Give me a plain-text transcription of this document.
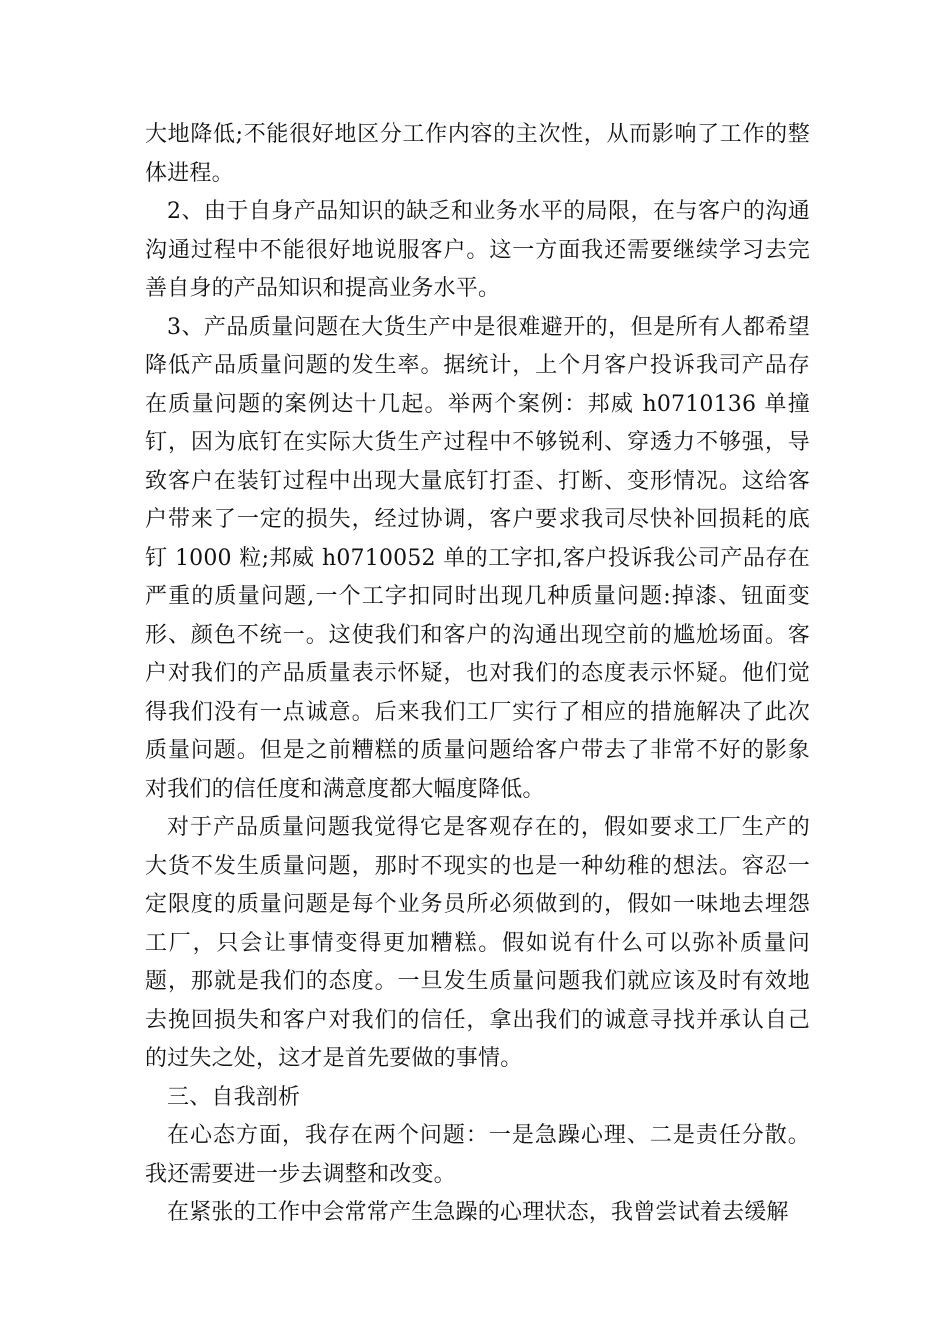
大地降低;不能很好地区分工作内容的主次性，从而影响了工作的整体进程。

2、由于自身产品知识的缺乏和业务水平的局限，在与客户的沟通沟通过程中不能很好地说服客户。这一方面我还需要继续学习去完善自身的产品知识和提高业务水平。

3、产品质量问题在大货生产中是很难避开的，但是所有人都希望降低产品质量问题的发生率。据统计，上个月客户投诉我司产品存在质量问题的案例达十几起。举两个案例：邦威 h0710136 单撞钉，因为底钉在实际大货生产过程中不够锐利、穿透力不够强，导致客户在装钉过程中出现大量底钉打歪、打断、变形情况。这给客户带来了一定的损失，经过协调，客户要求我司尽快补回损耗的底钉 1000 粒;邦威 h0710052 单的工字扣,客户投诉我公司产品存在严重的质量问题,一个工字扣同时出现几种质量问题:掉漆、钮面变形、颜色不统一。这使我们和客户的沟通出现空前的尴尬场面。客户对我们的产品质量表示怀疑，也对我们的态度表示怀疑。他们觉得我们没有一点诚意。后来我们工厂实行了相应的措施解决了此次质量问题。但是之前糟糕的质量问题给客户带去了非常不好的影象对我们的信任度和满意度都大幅度降低。

对于产品质量问题我觉得它是客观存在的，假如要求工厂生产的大货不发生质量问题，那时不现实的也是一种幼稚的想法。容忍一定限度的质量问题是每个业务员所必须做到的，假如一味地去埋怨工厂，只会让事情变得更加糟糕。假如说有什么可以弥补质量问题，那就是我们的态度。一旦发生质量问题我们就应该及时有效地去挽回损失和客户对我们的信任，拿出我们的诚意寻找并承认自己的过失之处，这才是首先要做的事情。

三、自我剖析

在心态方面，我存在两个问题：一是急躁心理、二是责任分散。我还需要进一步去调整和改变。

在紧张的工作中会常常产生急躁的心理状态，我曾尝试着去缓解
